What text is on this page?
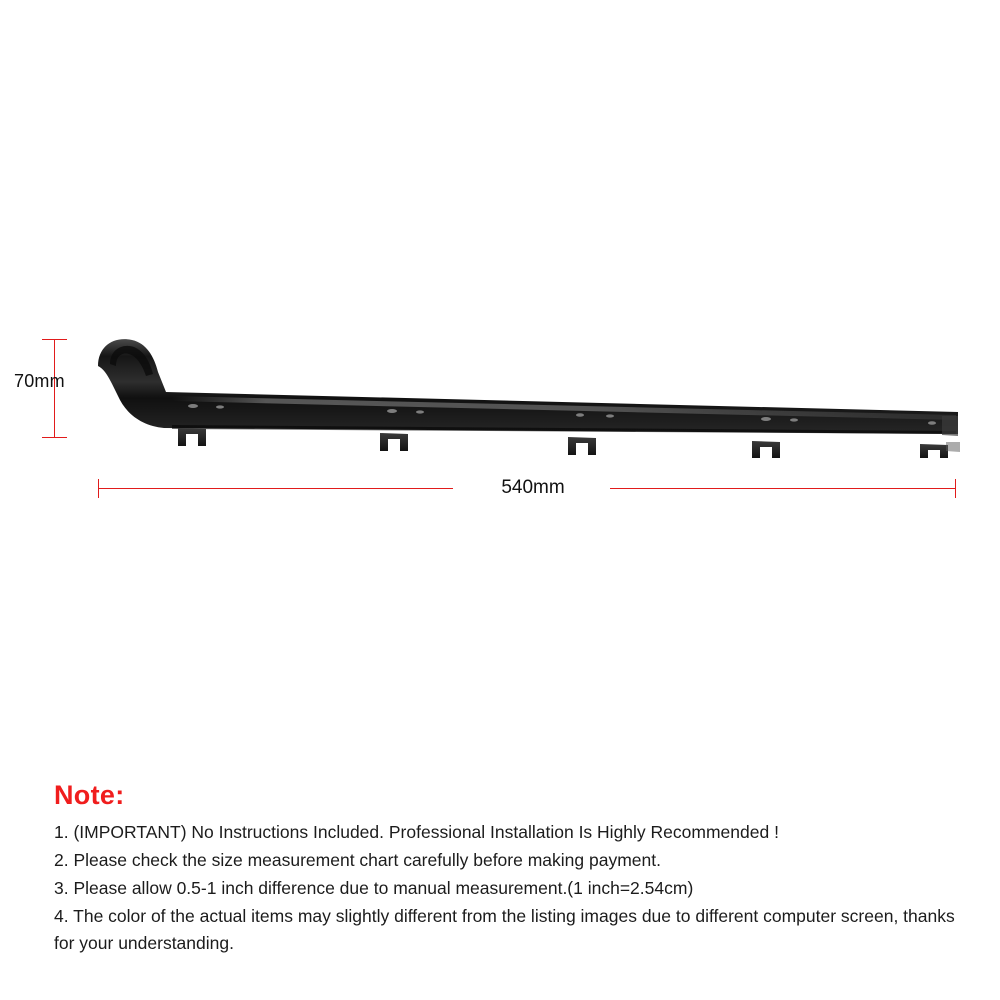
70mm
540mm
Note:

1. (IMPORTANT) No Instructions Included. Professional Installation Is Highly Recommended !

2. Please check the size measurement chart carefully before making payment.

3. Please allow 0.5-1 inch difference due to manual measurement.(1 inch=2.54cm)

4. The color of the actual items may slightly different from the listing images due to different computer screen, thanks for your understanding.
